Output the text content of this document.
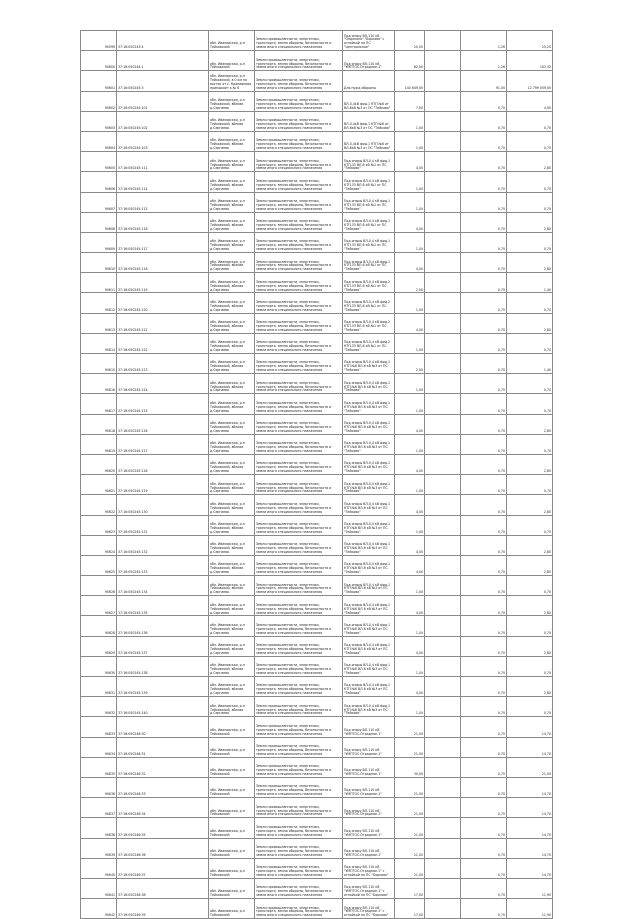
90599	37:16:050243:4	обл. Ивановская, р-н Тейковский	Земли промышленности, энергетики, транспорта, земли обороны, безопасности и земли иного специального назначения	Под опору ВЛ-110 кВ "Ондеколо"-"Борково" с отпайкой на ПС "Центральная"	20,00		1,26	25,20
90600	37:16:050244:1	обл. Ивановская, р-н Тейковский	Земли промышленности, энергетики, транспорта, земли обороны, безопасности и земли иного специального назначения	Под опору ВЛ-110 кВ "УМПТОС-Отрадное-1"	82,00		1,26	103,32
90601	37:16:050245:3	обл. Ивановская, р-н Тейковский, в 0 км на восток от с. Крапивново, примыкает к № 6	Земли промышленности, энергетики, транспорта, земли обороны, безопасности и земли иного специального назначения	Для нужд обороны	140 649,00		91,00	12 799 059,00
90602	37:16:050245:101	обл. Ивановская, р-н Тейковский, вблизи д.Сергиево	Земли промышленности, энергетики, транспорта, земли обороны, безопасности и земли иного специального назначения	ВЛ-0,4кВ фид.1 КТП №6 от ВЛ-6кВ №3 от ПС "Тейково"	7,00		0,70	4,90
90603	37:16:050245:102	обл. Ивановская, р-н Тейковский, вблизи д.Сергиево	Земли промышленности, энергетики, транспорта, земли обороны, безопасности и земли иного специального назначения	ВЛ-0,4кВ фид.1 КТП №6 от ВЛ-6кВ №3 от ПС "Тейково"	1,00		0,70	0,70
90604	37:16:050245:103	обл. Ивановская, р-н Тейковский, вблизи д.Сергиево	Земли промышленности, энергетики, транспорта, земли обороны, безопасности и земли иного специального назначения	ВЛ-0,4кВ фид.1 КТП №6 от ВЛ-6кВ №3 от ПС "Тейково"	1,00		0,70	0,70
90605	37:16:050245:111	обл. Ивановская, р-н Тейковский, вблизи д.Сергиево	Земли промышленности, энергетики, транспорта, земли обороны, безопасности и земли иного специального назначения	Под опоры ВЛ-0,4 кВ фид.1 КТП-33 ВЛ-6 кВ №1 от ПС "Тейково"	4,00		0,70	2,80
90606	37:16:050245:114	обл. Ивановская, р-н Тейковский, вблизи д.Сергиево	Земли промышленности, энергетики, транспорта, земли обороны, безопасности и земли иного специального назначения	Под опоры ВЛ-0,4 кВ фид.1 КТП-33 ВЛ-6 кВ №1 от ПС "Тейково"	1,00		0,70	0,70
90607	37:16:050245:115	обл. Ивановская, р-н Тейковский, вблизи д.Сергиево	Земли промышленности, энергетики, транспорта, земли обороны, безопасности и земли иного специального назначения	Под опоры ВЛ-0,4 кВ фид.1 КТП-33 ВЛ-6 кВ №1 от ПС "Тейково"	1,00		0,70	0,70
90608	37:16:050245:116	обл. Ивановская, р-н Тейковский, вблизи д.Сергиево	Земли промышленности, энергетики, транспорта, земли обороны, безопасности и земли иного специального назначения	Под опоры ВЛ-0,4 кВ фид.1 КТП-33 ВЛ-6 кВ №1 от ПС "Тейково"	4,00		0,70	2,80
90609	37:16:050245:117	обл. Ивановская, р-н Тейковский, вблизи д.Сергиево	Земли промышленности, энергетики, транспорта, земли обороны, безопасности и земли иного специального назначения	Под опоры ВЛ-0,4 кВ фид.1 КТП-33 ВЛ-6 кВ №1 от ПС "Тейково"	1,00		0,70	0,70
90610	37:16:050245:118	обл. Ивановская, р-н Тейковский, вблизи д.Сергиево	Земли промышленности, энергетики, транспорта, земли обороны, безопасности и земли иного специального назначения	Под опоры ВЛ-0,4 кВ фид.1 КТП-33 ВЛ-6 кВ №1 от ПС "Тейково"	4,00		0,70	2,80
90611	37:16:050245:119	обл. Ивановская, р-н Тейковский, вблизи д.Сергиево	Земли промышленности, энергетики, транспорта, земли обороны, безопасности и земли иного специального назначения	Под опоры ВЛ-0,4 кВ фид.2 КТП-33 ВЛ-6 кВ №1 от ПС "Тейково"	2,00		0,70	1,40
90612	37:16:050245:120	обл. Ивановская, р-н Тейковский, вблизи д.Сергиево	Земли промышленности, энергетики, транспорта, земли обороны, безопасности и земли иного специального назначения	Под опоры ВЛ-0,4 кВ фид.2 КТП-33 ВЛ-6 кВ №1 от ПС "Тейково"	1,00		0,70	0,70
90613	37:16:050245:121	обл. Ивановская, р-н Тейковский, вблизи д.Сергиево	Земли промышленности, энергетики, транспорта, земли обороны, безопасности и земли иного специального назначения	Под опоры ВЛ-0,4 кВ фид.2 КТП-33 ВЛ-6 кВ №1 от ПС "Тейково"	4,00		0,70	2,80
90614	37:16:050245:122	обл. Ивановская, р-н Тейковский, вблизи д.Сергиево	Земли промышленности, энергетики, транспорта, земли обороны, безопасности и земли иного специального назначения	Под опоры ВЛ-0,4 кВ фид.2 КТП-33 ВЛ-6 кВ №1 от ПС "Тейково"	1,00		0,70	0,70
90615	37:16:050245:123	обл. Ивановская, р-н Тейковский, вблизи д.Сергиево	Земли промышленности, энергетики, транспорта, земли обороны, безопасности и земли иного специального назначения	Под опоры ВЛ-0,4 кВ фид.1 КТП №6 ВЛ-6 кВ №3 от ПС "Тейково"	2,00		0,70	1,40
90616	37:16:050245:124	обл. Ивановская, р-н Тейковский, вблизи д.Сергиево	Земли промышленности, энергетики, транспорта, земли обороны, безопасности и земли иного специального назначения	Под опоры ВЛ-0,4 кВ фид.1 КТП №6 ВЛ-6 кВ №3 от ПС "Тейково"	1,00		0,70	0,70
90617	37:16:050245:125	обл. Ивановская, р-н Тейковский, вблизи д.Сергиево	Земли промышленности, энергетики, транспорта, земли обороны, безопасности и земли иного специального назначения	Под опоры ВЛ-0,4 кВ фид.1 КТП №6 ВЛ-6 кВ №3 от ПС "Тейково"	1,00		0,70	0,70
90618	37:16:050245:126	обл. Ивановская, р-н Тейковский, вблизи д.Сергиево	Земли промышленности, энергетики, транспорта, земли обороны, безопасности и земли иного специального назначения	Под опоры ВЛ-0,4 кВ фид.1 КТП №6 ВЛ-6 кВ №3 от ПС "Тейково"	4,00		0,70	2,80
90619	37:16:050245:127	обл. Ивановская, р-н Тейковский, вблизи д.Сергиево	Земли промышленности, энергетики, транспорта, земли обороны, безопасности и земли иного специального назначения	Под опоры ВЛ-0,4 кВ фид.1 КТП №6 ВЛ-6 кВ №3 от ПС "Тейково"	1,00		0,70	0,70
90620	37:16:050245:128	обл. Ивановская, р-н Тейковский, вблизи д.Сергиево	Земли промышленности, энергетики, транспорта, земли обороны, безопасности и земли иного специального назначения	Под опоры ВЛ-0,4 кВ фид.1 КТП №6 ВЛ-6 кВ №3 от ПС "Тейково"	4,00		0,70	2,80
90621	37:16:050245:129	обл. Ивановская, р-н Тейковский, вблизи д.Сергиево	Земли промышленности, энергетики, транспорта, земли обороны, безопасности и земли иного специального назначения	Под опоры ВЛ-0,4 кВ фид.1 КТП №6 ВЛ-6 кВ №3 от ПС "Тейково"	1,00		0,70	0,70
90622	37:16:050245:130	обл. Ивановская, р-н Тейковский, вблизи д.Сергиево	Земли промышленности, энергетики, транспорта, земли обороны, безопасности и земли иного специального назначения	Под опоры ВЛ-0,4 кВ фид.1 КТП №6 ВЛ-6 кВ №3 от ПС "Тейково"	4,00		0,70	2,80
90623	37:16:050245:131	обл. Ивановская, р-н Тейковский, вблизи д.Сергиево	Земли промышленности, энергетики, транспорта, земли обороны, безопасности и земли иного специального назначения	Под опоры ВЛ-0,4 кВ фид.1 КТП №6 ВЛ-6 кВ №3 от ПС "Тейково"	1,00		0,70	0,70
90624	37:16:050245:132	обл. Ивановская, р-н Тейковский, вблизи д.Сергиево	Земли промышленности, энергетики, транспорта, земли обороны, безопасности и земли иного специального назначения	Под опоры ВЛ-0,4 кВ фид.1 КТП №6 ВЛ-6 кВ №3 от ПС "Тейково"	4,00		0,70	2,80
90625	37:16:050245:133	обл. Ивановская, р-н Тейковский, вблизи д.Сергиево	Земли промышленности, энергетики, транспорта, земли обороны, безопасности и земли иного специального назначения	Под опоры ВЛ-0,4 кВ фид.1 КТП №6 ВЛ-6 кВ №3 от ПС "Тейково"	4,00		0,70	2,80
90626	37:16:050245:134	обл. Ивановская, р-н Тейковский, вблизи д.Сергиево	Земли промышленности, энергетики, транспорта, земли обороны, безопасности и земли иного специального назначения	Под опоры ВЛ-0,4 кВ фид.1 КТП №6 ВЛ-6 кВ №3 от ПС "Тейково"	1,00		0,70	0,70
90627	37:16:050245:135	обл. Ивановская, р-н Тейковский, вблизи д.Сергиево	Земли промышленности, энергетики, транспорта, земли обороны, безопасности и земли иного специального назначения	Под опоры ВЛ-0,4 кВ фид.1 КТП №6 ВЛ-6 кВ №3 от ПС "Тейково"	4,00		0,70	2,80
90628	37:16:050245:136	обл. Ивановская, р-н Тейковский, вблизи д.Сергиево	Земли промышленности, энергетики, транспорта, земли обороны, безопасности и земли иного специального назначения	Под опоры ВЛ-0,4 кВ фид.1 КТП №6 ВЛ-6 кВ №3 от ПС "Тейково"	1,00		0,70	0,70
90629	37:16:050245:137	обл. Ивановская, р-н Тейковский, вблизи д.Сергиево	Земли промышленности, энергетики, транспорта, земли обороны, безопасности и земли иного специального назначения	Под опоры ВЛ-0,4 кВ фид.1 КТП №6 ВЛ-6 кВ №3 от ПС "Тейково"	4,00		0,70	2,80
90630	37:16:050245:138	обл. Ивановская, р-н Тейковский, вблизи д.Сергиево	Земли промышленности, энергетики, транспорта, земли обороны, безопасности и земли иного специального назначения	Под опоры ВЛ-0,4 кВ фид.1 КТП №6 ВЛ-6 кВ №3 от ПС "Тейково"	1,00		0,70	0,70
90631	37:16:050245:139	обл. Ивановская, р-н Тейковский, вблизи д.Сергиево	Земли промышленности, энергетики, транспорта, земли обороны, безопасности и земли иного специального назначения	Под опоры ВЛ-0,4 кВ фид.1 КТП №6 ВЛ-6 кВ №3 от ПС "Тейково"	4,00		0,70	2,80
90632	37:16:050245:140	обл. Ивановская, р-н Тейковский, вблизи д.Сергиево	Земли промышленности, энергетики, транспорта, земли обороны, безопасности и земли иного специального назначения	Под опоры ВЛ-0,4 кВ фид.1 КТП №6 ВЛ-6 кВ №3 от ПС "Тейково"	1,00		0,70	0,70
90633	37:16:050246:30	обл. Ивановская, р-н Тейковский	Земли промышленности, энергетики, транспорта, земли обороны, безопасности и земли иного специального назначения	Под опору ВЛ-110 кВ "УМПТОС-Отрадное-1"	21,00		0,70	14,70
90634	37:16:050246:31	обл. Ивановская, р-н Тейковский	Земли промышленности, энергетики, транспорта, земли обороны, безопасности и земли иного специального назначения	Под опору ВЛ-110 кВ "УМПТОС-Отрадное-1"	21,00		0,70	14,70
90635	37:16:050246:32	обл. Ивановская, р-н Тейковский	Земли промышленности, энергетики, транспорта, земли обороны, безопасности и земли иного специального назначения	Под опору ВЛ-110 кВ "УМПТОС-Отрадное-1"	30,00		0,70	21,00
90636	37:16:050246:33	обл. Ивановская, р-н Тейковский	Земли промышленности, энергетики, транспорта, земли обороны, безопасности и земли иного специального назначения	Под опору ВЛ-110 кВ "УМПТОС-Отрадное-1"	21,00		0,70	14,70
90637	37:16:050246:34	обл. Ивановская, р-н Тейковский	Земли промышленности, энергетики, транспорта, земли обороны, безопасности и земли иного специального назначения	Под опору ВЛ-110 кВ "УМПТОС-Отрадное-1"	21,00		0,70	14,70
90638	37:16:050246:35	обл. Ивановская, р-н Тейковский	Земли промышленности, энергетики, транспорта, земли обороны, безопасности и земли иного специального назначения	Под опору ВЛ-110 кВ "УМПТОС-Отрадное-1"	21,00		0,70	14,70
90639	37:16:050246:36	обл. Ивановская, р-н Тейковский	Земли промышленности, энергетики, транспорта, земли обороны, безопасности и земли иного специального назначения	Под опору ВЛ-110 кВ "УМПТОС-Отрадное-1"	21,00		0,70	14,70
90640	37:16:050246:37	обл. Ивановская, р-н Тейковский	Земли промышленности, энергетики, транспорта, земли обороны, безопасности и земли иного специального назначения	Под опору ВЛ-110 кВ "УМПТОС-Отрадное-1" с отпайкой на ПС "Борково"	21,00		0,70	14,70
90641	37:16:050246:38	обл. Ивановская, р-н Тейковский	Земли промышленности, энергетики, транспорта, земли обороны, безопасности и земли иного специального назначения	Под опору ВЛ-110 кВ "УМПТОС-Отрадное-1" с отпайкой на ПС "Борково"	17,00		0,70	11,90
90642	37:16:050246:39	обл. Ивановская, р-н Тейковский	Земли промышленности, энергетики, транспорта, земли обороны, безопасности и земли иного специального назначения	Под опору ВЛ-110 кВ "УМПТОС-Отрадное-1" с отпайкой на ПС "Борково"	17,00		0,70	11,90
